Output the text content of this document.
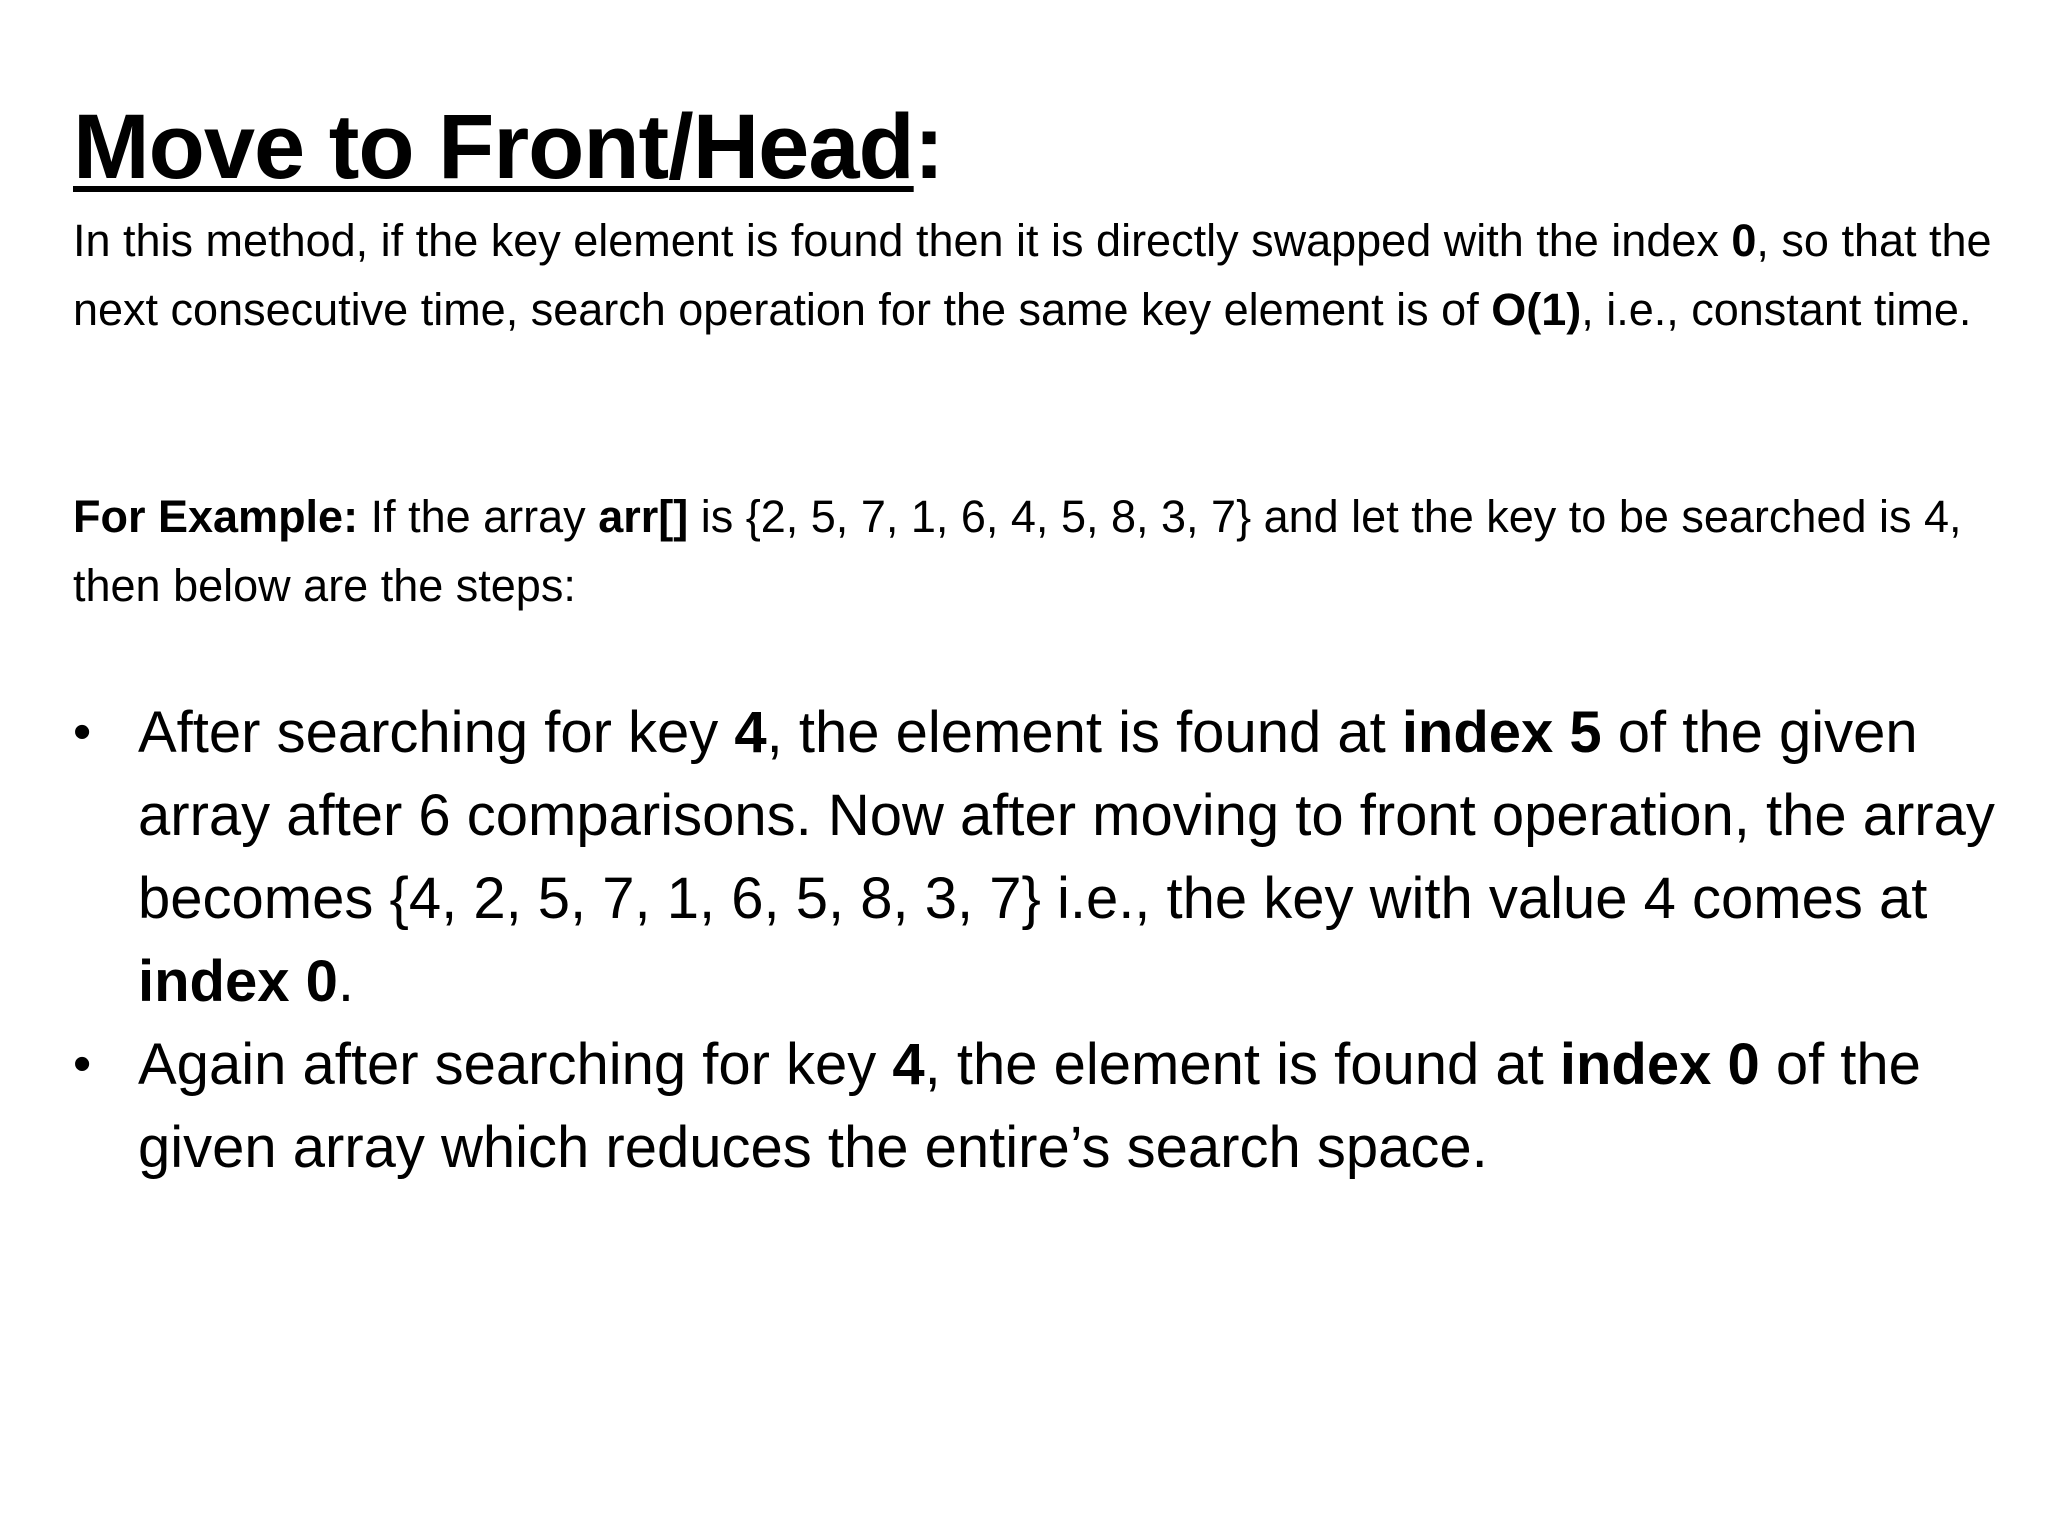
Move to Front/Head:

In this method, if the key element is found then it is directly swapped with the index 0, so that the next consecutive time, search operation for the same key element is of O(1), i.e., constant time.

For Example: If the array arr[] is {2, 5, 7, 1, 6, 4, 5, 8, 3, 7} and let the key to be searched is 4, then below are the steps:

• After searching for key 4, the element is found at index 5 of the given array after 6 comparisons. Now after moving to front operation, the array becomes {4, 2, 5, 7, 1, 6, 5, 8, 3, 7} i.e., the key with value 4 comes at index 0.
• Again after searching for key 4, the element is found at index 0 of the given array which reduces the entire’s search space.
